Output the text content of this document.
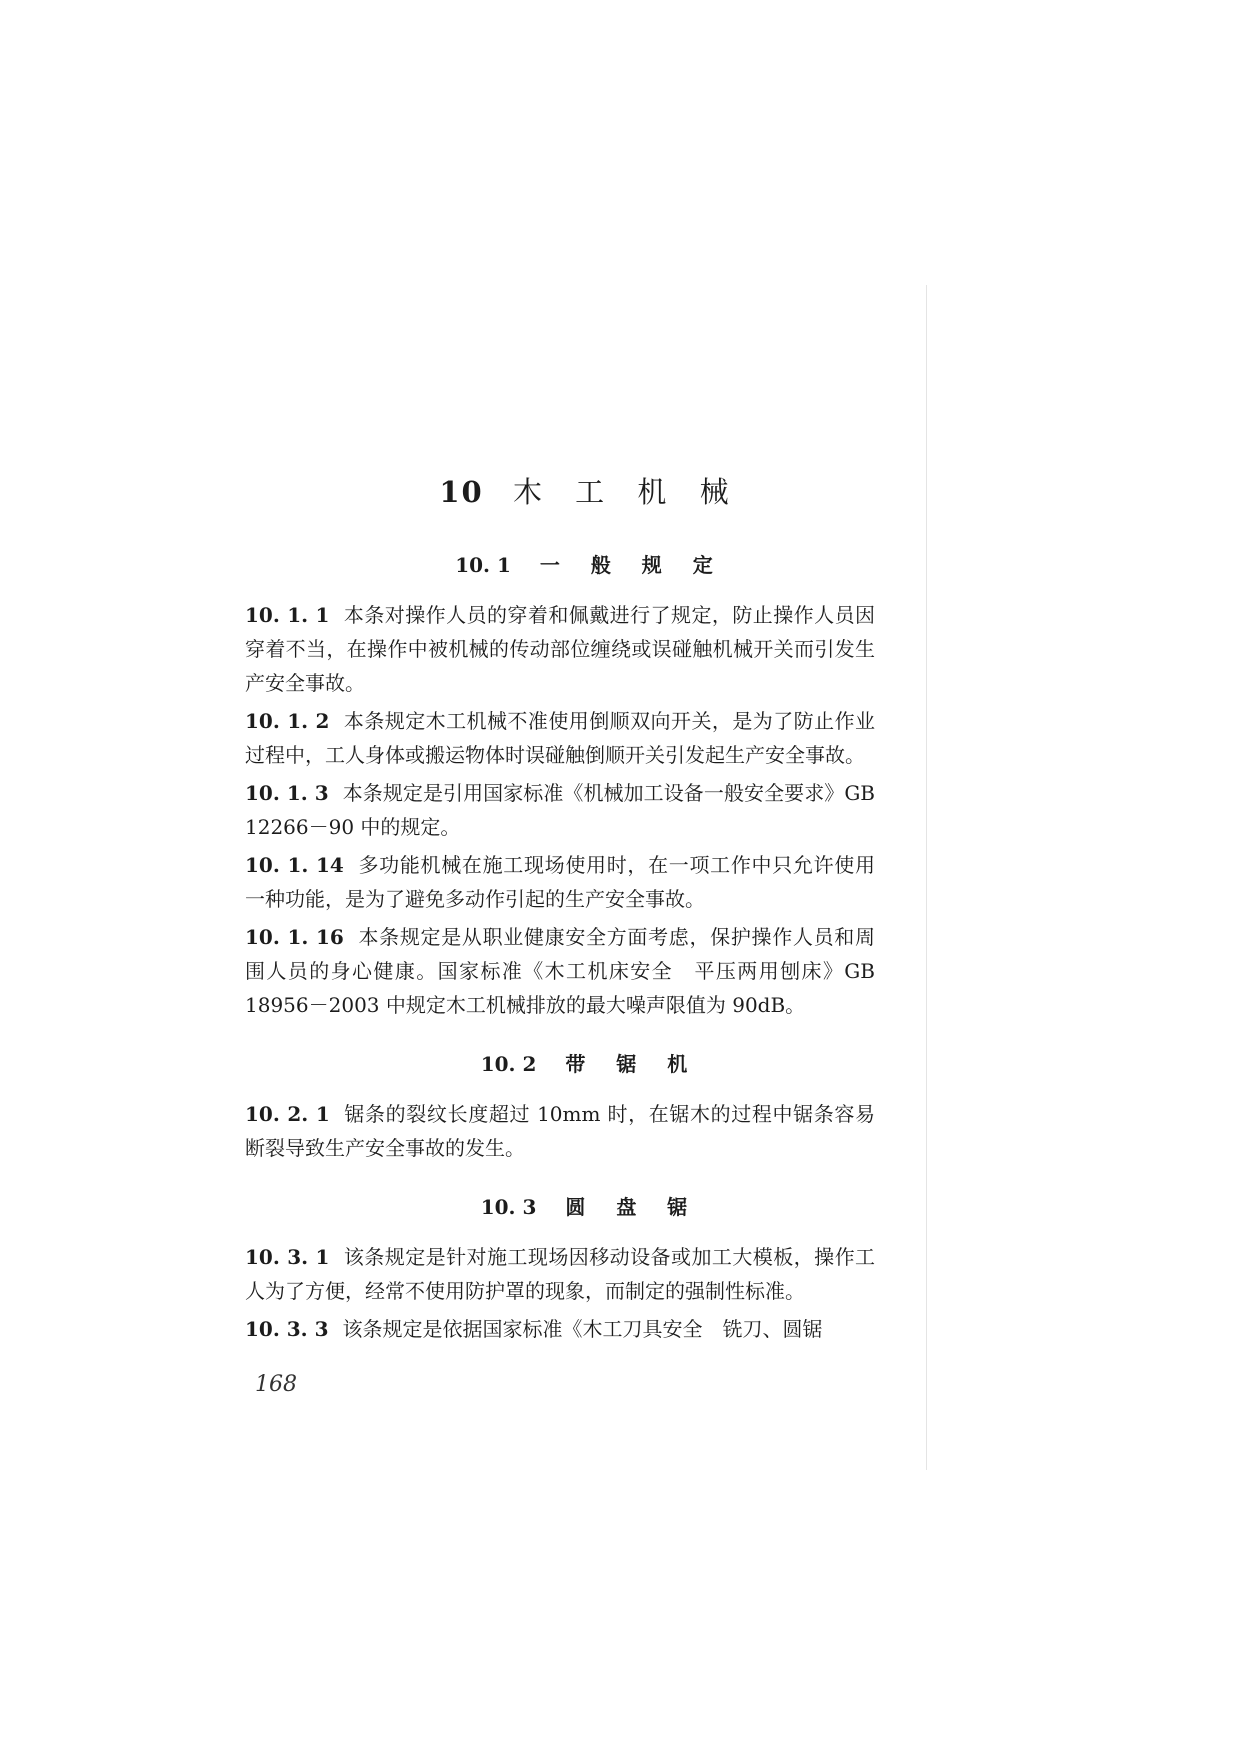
10 木 工 机 械
10. 1 一 般 规 定

10. 1. 1 本条对操作人员的穿着和佩戴进行了规定，防止操作人员因穿着不当，在操作中被机械的传动部位缠绕或误碰触机械开关而引发生产安全事故。

10. 1. 2 本条规定木工机械不准使用倒顺双向开关，是为了防止作业过程中，工人身体或搬运物体时误碰触倒顺开关引发起生产安全事故。

10. 1. 3 本条规定是引用国家标准《机械加工设备一般安全要求》GB 12266－90 中的规定。

10. 1. 14 多功能机械在施工现场使用时，在一项工作中只允许使用一种功能，是为了避免多动作引起的生产安全事故。

10. 1. 16 本条规定是从职业健康安全方面考虑，保护操作人员和周围人员的身心健康。国家标准《木工机床安全　平压两用刨床》GB 18956－2003 中规定木工机械排放的最大噪声限值为 90dB。

10. 2 带 锯 机

10. 2. 1 锯条的裂纹长度超过 10mm 时，在锯木的过程中锯条容易断裂导致生产安全事故的发生。

10. 3 圆 盘 锯

10. 3. 1 该条规定是针对施工现场因移动设备或加工大模板，操作工人为了方便，经常不使用防护罩的现象，而制定的强制性标准。

10. 3. 3 该条规定是依据国家标准《木工刀具安全　铣刀、圆锯

168
